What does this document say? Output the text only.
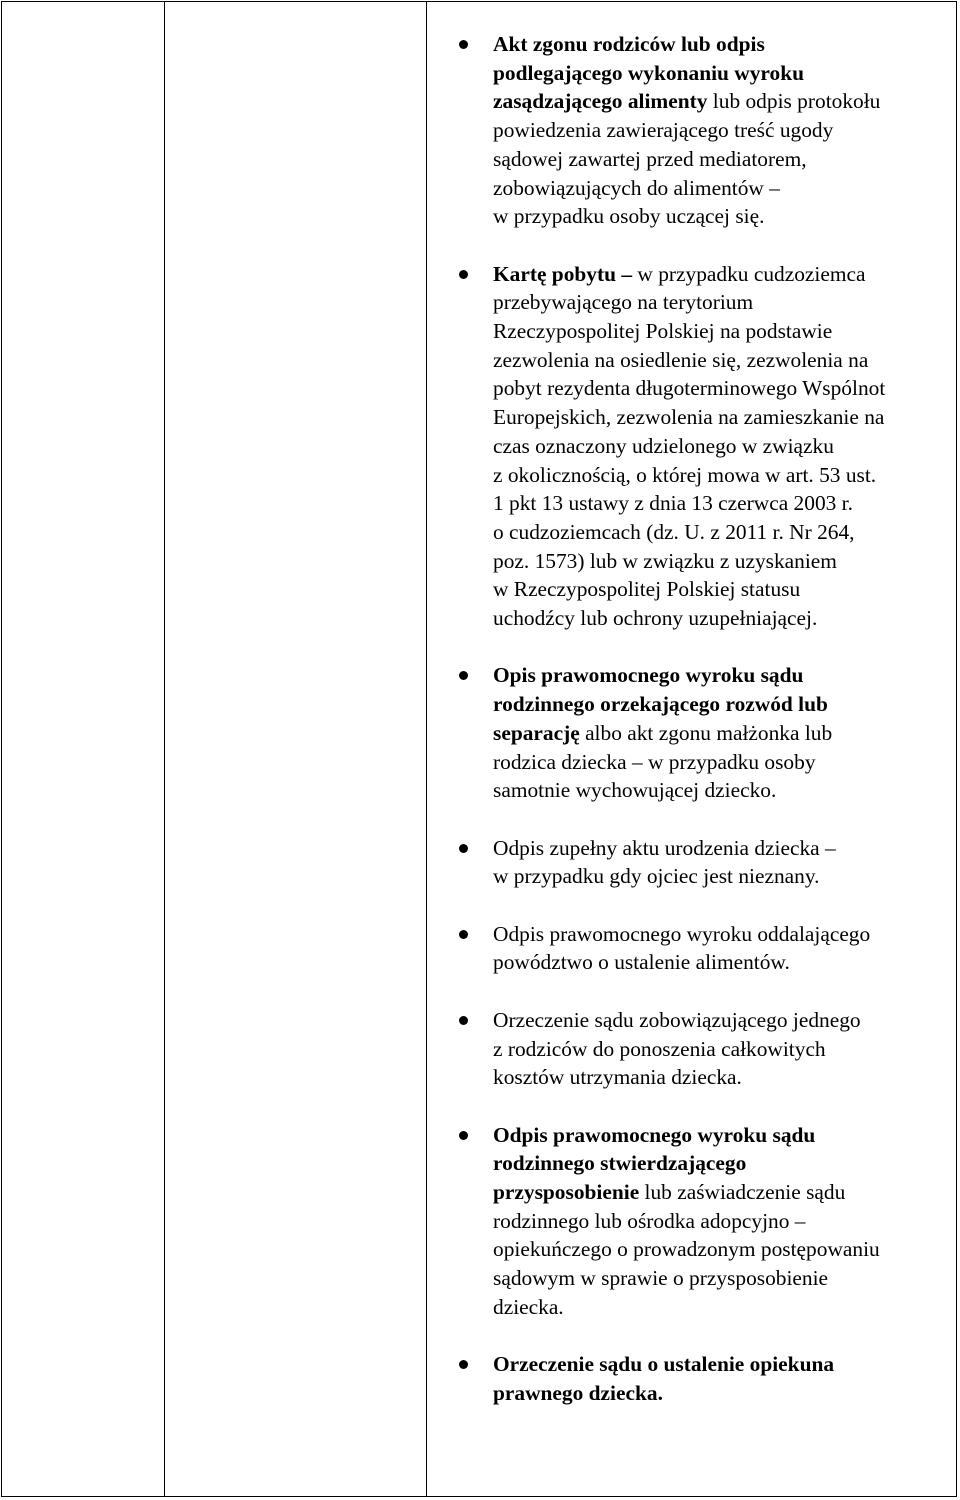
Akt zgonu rodziców lub odpis
podlegającego wykonaniu wyroku
zasądzającego alimenty lub odpis protokołu
powiedzenia zawierającego treść ugody
sądowej zawartej przed mediatorem,
zobowiązujących do alimentów –
w przypadku osoby uczącej się.
Kartę pobytu – w przypadku cudzoziemca
przebywającego na terytorium
Rzeczypospolitej Polskiej na podstawie
zezwolenia na osiedlenie się, zezwolenia na
pobyt rezydenta długoterminowego Wspólnot
Europejskich, zezwolenia na zamieszkanie na
czas oznaczony udzielonego w związku
z okolicznością, o której mowa w art. 53 ust.
1 pkt 13 ustawy z dnia 13 czerwca 2003 r.
o cudzoziemcach (dz. U. z 2011 r. Nr 264,
poz. 1573) lub w związku z uzyskaniem
w Rzeczypospolitej Polskiej statusu
uchodźcy lub ochrony uzupełniającej.
Opis prawomocnego wyroku sądu
rodzinnego orzekającego rozwód lub
separację albo akt zgonu małżonka lub
rodzica dziecka – w przypadku osoby
samotnie wychowującej dziecko.
Odpis zupełny aktu urodzenia dziecka –
w przypadku gdy ojciec jest nieznany.
Odpis prawomocnego wyroku oddalającego
powództwo o ustalenie alimentów.
Orzeczenie sądu zobowiązującego jednego
z rodziców do ponoszenia całkowitych
kosztów utrzymania dziecka.
Odpis prawomocnego wyroku sądu
rodzinnego stwierdzającego
przysposobienie lub zaświadczenie sądu
rodzinnego lub ośrodka adopcyjno –
opiekuńczego o prowadzonym postępowaniu
sądowym w sprawie o przysposobienie
dziecka.
Orzeczenie sądu o ustalenie opiekuna
prawnego dziecka.
